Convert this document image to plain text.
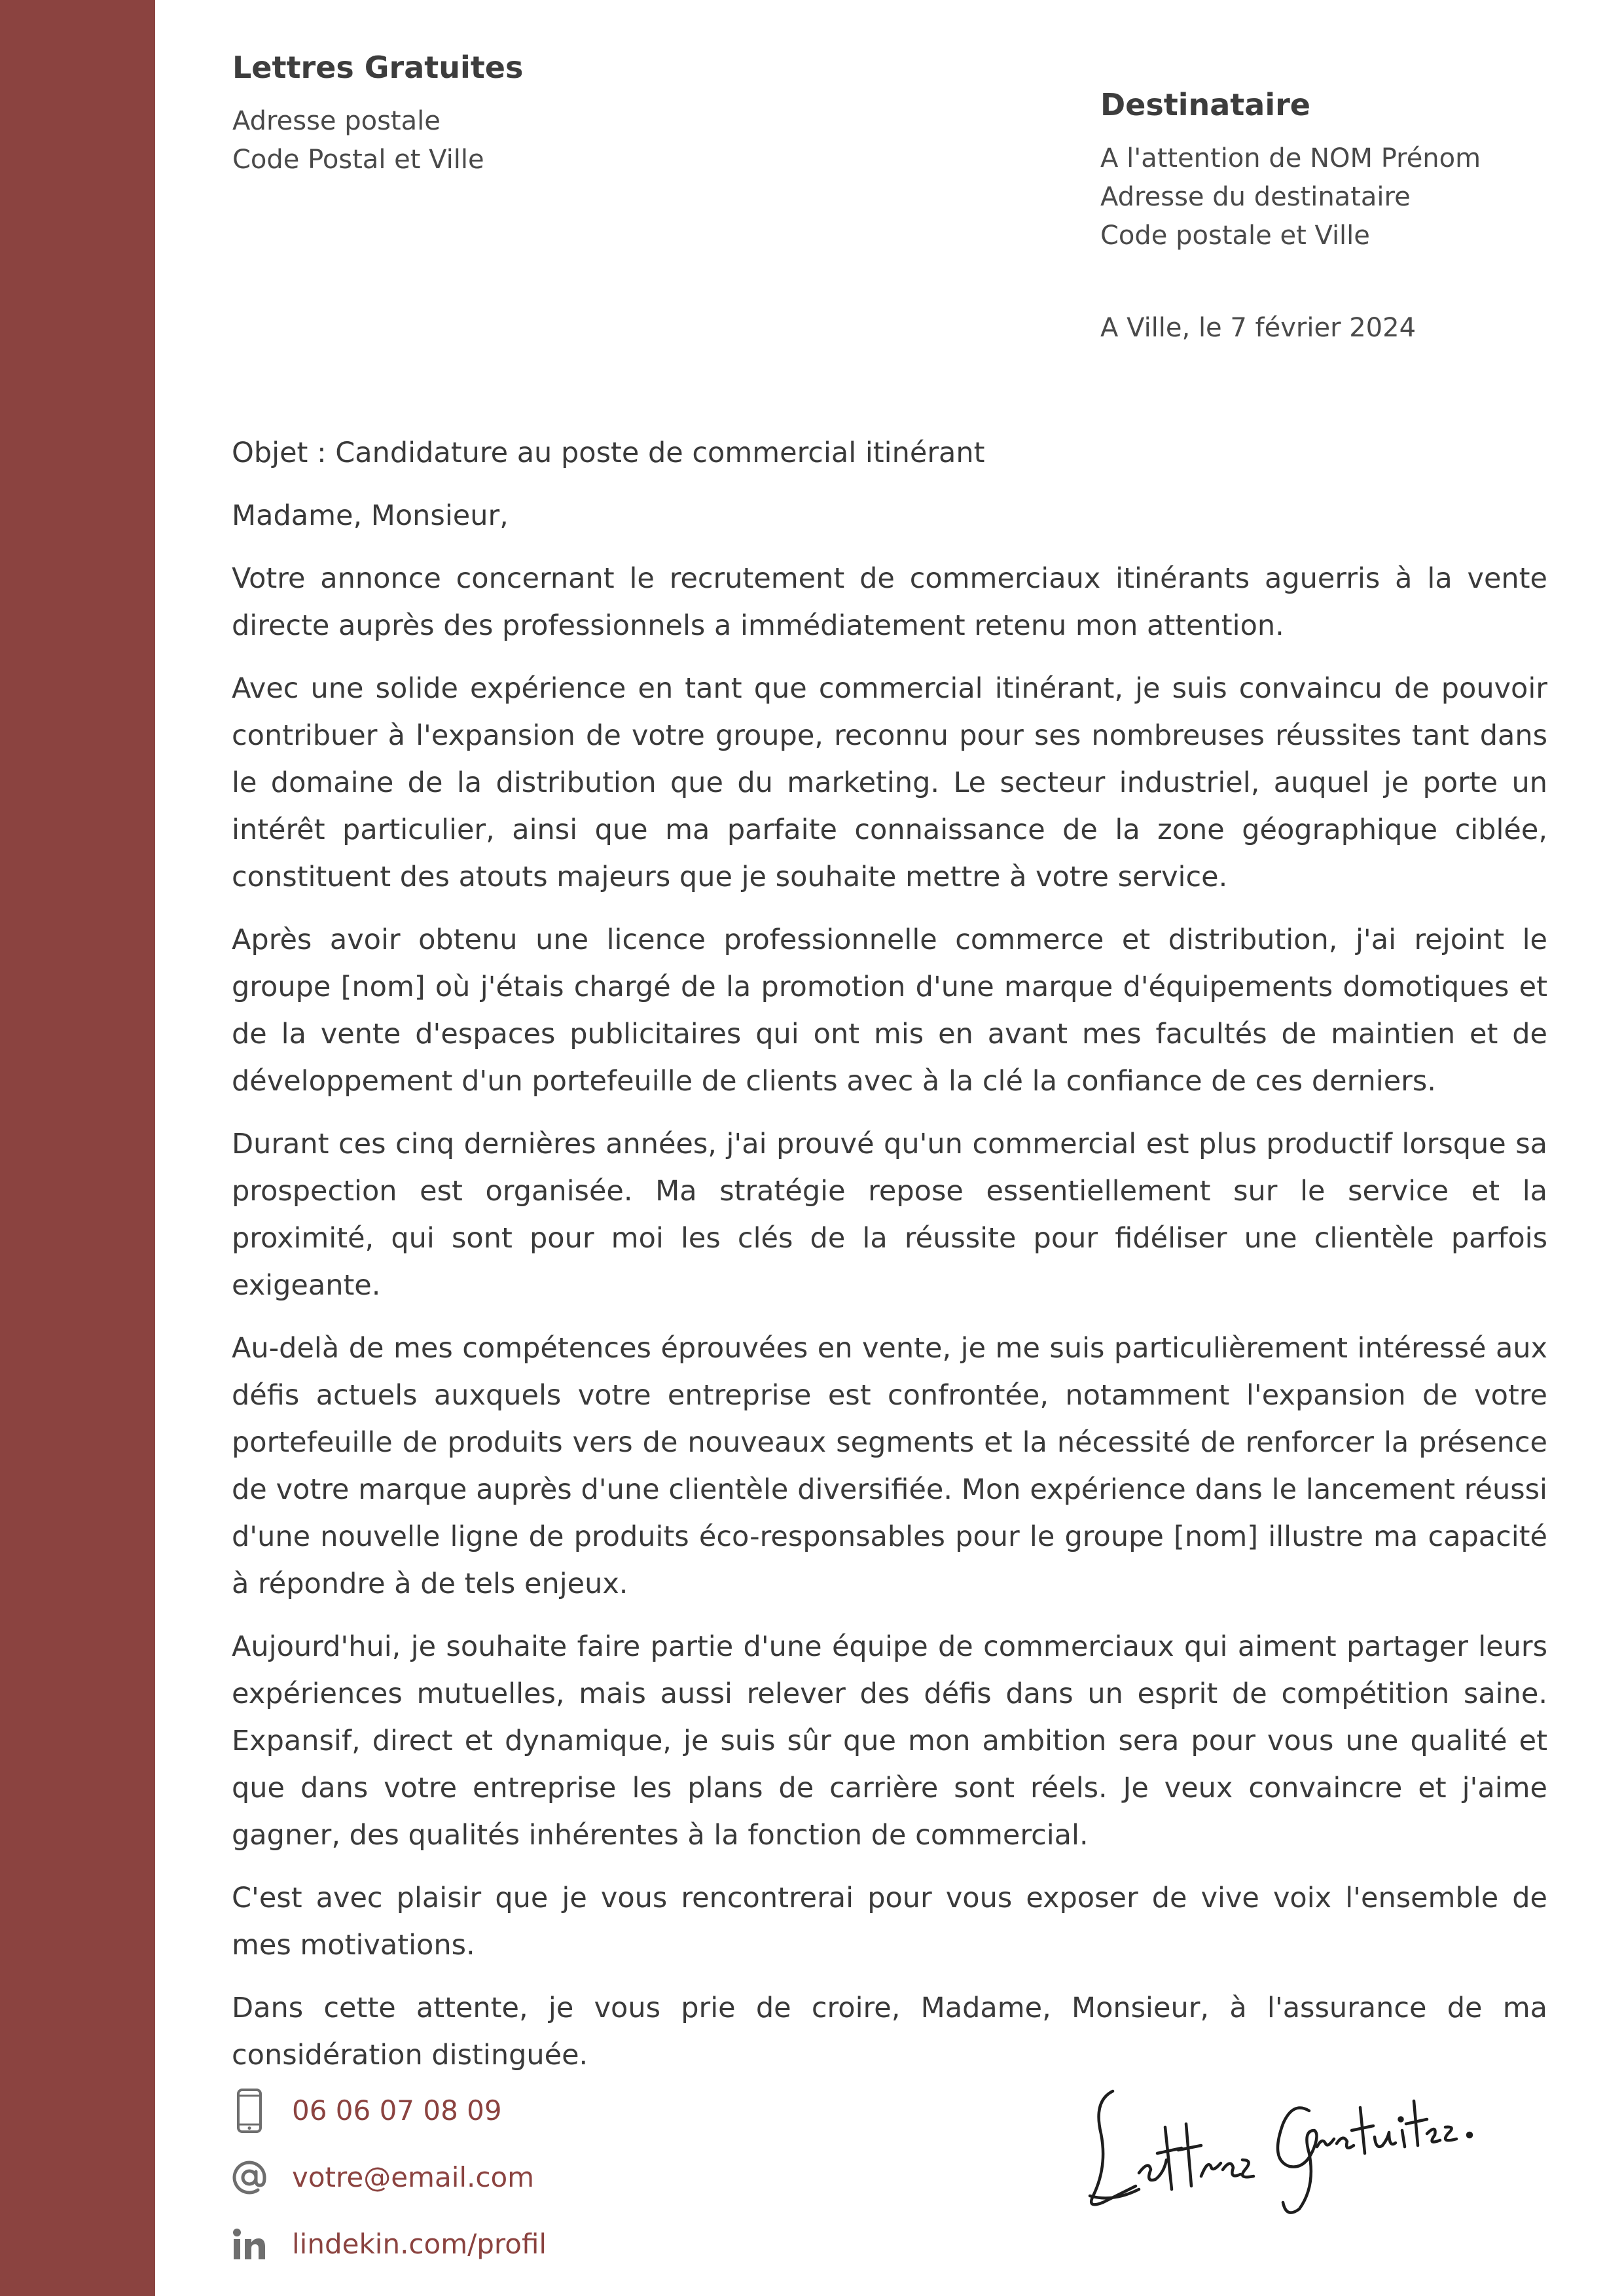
Lettres Gratuites
Adresse postale
Code Postal et Ville
Destinataire
A l'attention de NOM Prénom
Adresse du destinataire
Code postale et Ville
A Ville, le 7 février 2024

Objet : Candidature au poste de commercial itinérant

Madame, Monsieur,

Votre annonce concernant le recrutement de commerciaux itinérants aguerris à la vente directe auprès des professionnels a immédiatement retenu mon attention.

Avec une solide expérience en tant que commercial itinérant, je suis convaincu de pouvoir contribuer à l'expansion de votre groupe, reconnu pour ses nombreuses réussites tant dans le domaine de la distribution que du marketing. Le secteur industriel, auquel je porte un intérêt particulier, ainsi que ma parfaite connaissance de la zone géographique ciblée, constituent des atouts majeurs que je souhaite mettre à votre service.

Après avoir obtenu une licence professionnelle commerce et distribution, j'ai rejoint le groupe [nom] où j'étais chargé de la promotion d'une marque d'équipements domotiques et de la vente d'espaces publicitaires qui ont mis en avant mes facultés de maintien et de développement d'un portefeuille de clients avec à la clé la confiance de ces derniers.

Durant ces cinq dernières années, j'ai prouvé qu'un commercial est plus productif lorsque sa prospection est organisée. Ma stratégie repose essentiellement sur le service et la proximité, qui sont pour moi les clés de la réussite pour fidéliser une clientèle parfois exigeante.

Au-delà de mes compétences éprouvées en vente, je me suis particulièrement intéressé aux défis actuels auxquels votre entreprise est confrontée, notamment l'expansion de votre portefeuille de produits vers de nouveaux segments et la nécessité de renforcer la présence de votre marque auprès d'une clientèle diversifiée. Mon expérience dans le lancement réussi d'une nouvelle ligne de produits éco-responsables pour le groupe [nom] illustre ma capacité à répondre à de tels enjeux.

Aujourd'hui, je souhaite faire partie d'une équipe de commerciaux qui aiment partager leurs expériences mutuelles, mais aussi relever des défis dans un esprit de compétition saine. Expansif, direct et dynamique, je suis sûr que mon ambition sera pour vous une qualité et que dans votre entreprise les plans de carrière sont réels. Je veux convaincre et j'aime gagner, des qualités inhérentes à la fonction de commercial.

C'est avec plaisir que je vous rencontrerai pour vous exposer de vive voix l'ensemble de mes motivations.

Dans cette attente, je vous prie de croire, Madame, Monsieur, à l'assurance de ma considération distinguée.

06 06 07 08 09
votre@email.com
lindekin.com/profil
